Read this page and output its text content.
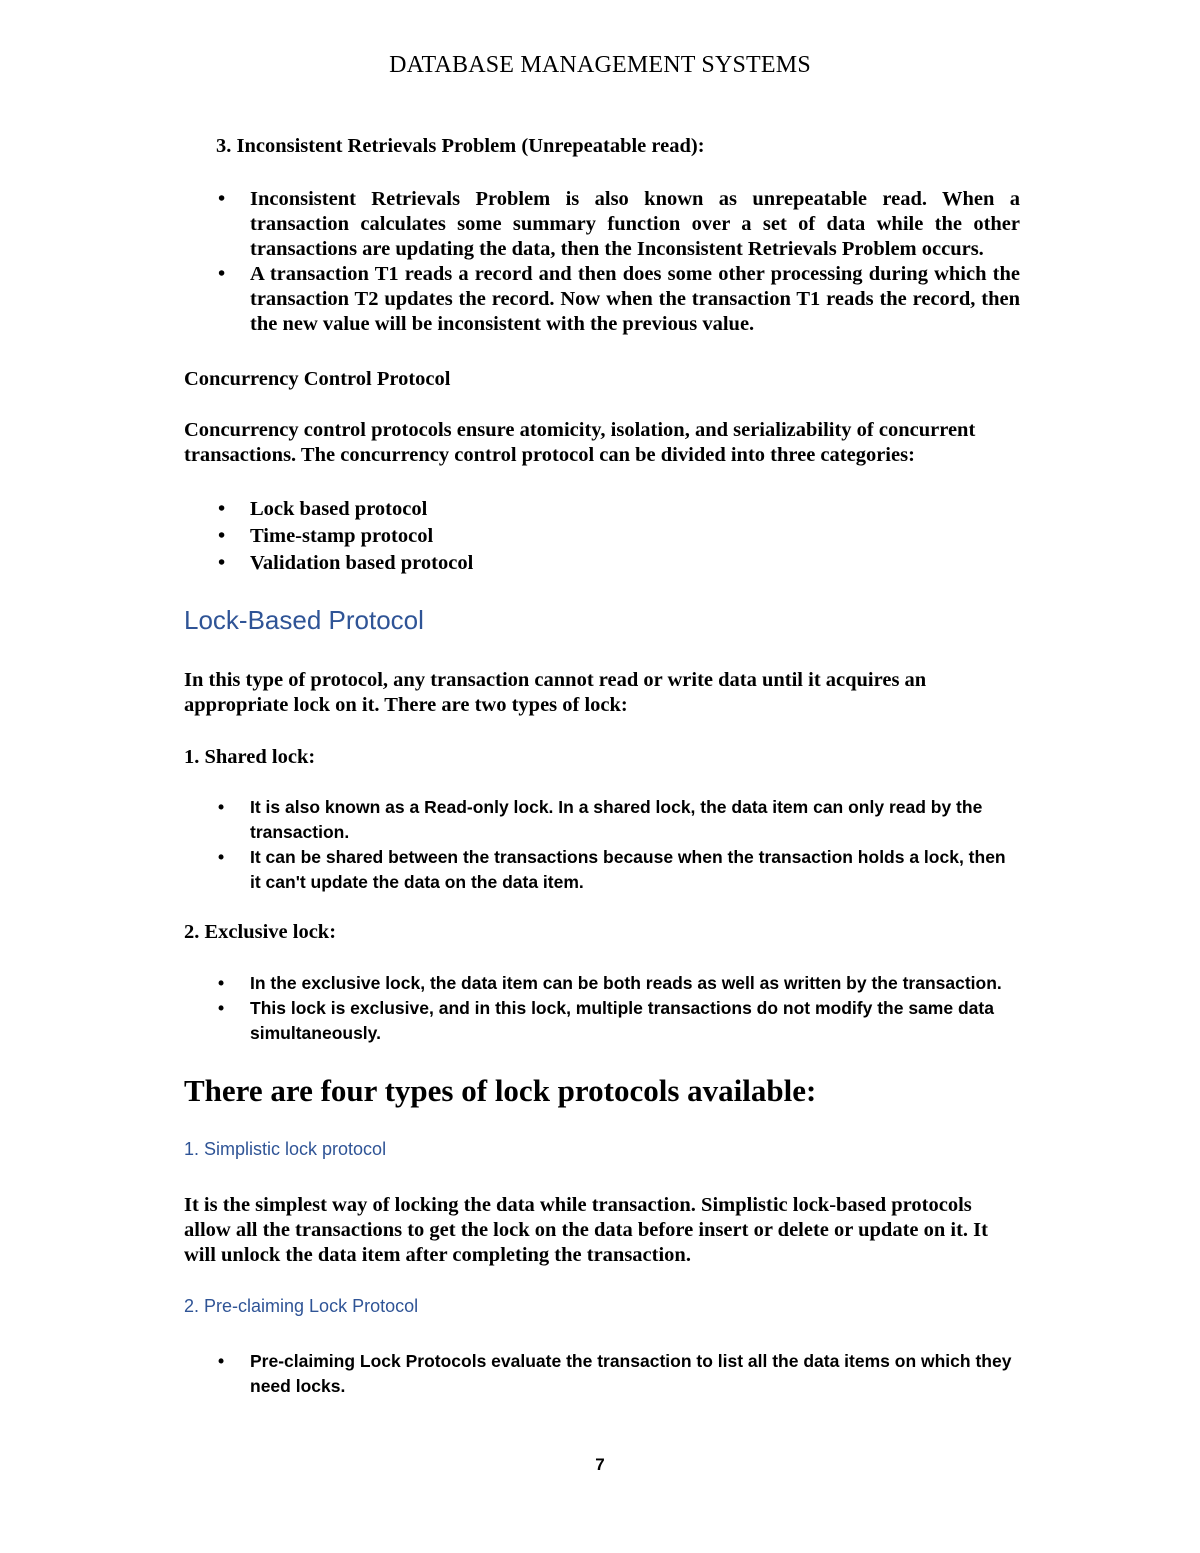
DATABASE MANAGEMENT SYSTEMS

3. Inconsistent Retrievals Problem (Unrepeatable read):

•	Inconsistent Retrievals Problem is also known as unrepeatable read. When a transaction calculates some summary function over a set of data while the other transactions are updating the data, then the Inconsistent Retrievals Problem occurs.
•	A transaction T1 reads a record and then does some other processing during which the transaction T2 updates the record. Now when the transaction T1 reads the record, then the new value will be inconsistent with the previous value.

Concurrency Control Protocol

Concurrency control protocols ensure atomicity, isolation, and serializability of concurrent transactions. The concurrency control protocol can be divided into three categories:

•	Lock based protocol
•	Time-stamp protocol
•	Validation based protocol

Lock-Based Protocol

In this type of protocol, any transaction cannot read or write data until it acquires an appropriate lock on it. There are two types of lock:

1. Shared lock:

•	It is also known as a Read-only lock. In a shared lock, the data item can only read by the transaction.
•	It can be shared between the transactions because when the transaction holds a lock, then it can't update the data on the data item.

2. Exclusive lock:

•	In the exclusive lock, the data item can be both reads as well as written by the transaction.
•	This lock is exclusive, and in this lock, multiple transactions do not modify the same data simultaneously.

There are four types of lock protocols available:

1. Simplistic lock protocol

It is the simplest way of locking the data while transaction. Simplistic lock-based protocols allow all the transactions to get the lock on the data before insert or delete or update on it. It will unlock the data item after completing the transaction.

2. Pre-claiming Lock Protocol

•	Pre-claiming Lock Protocols evaluate the transaction to list all the data items on which they need locks.
7
